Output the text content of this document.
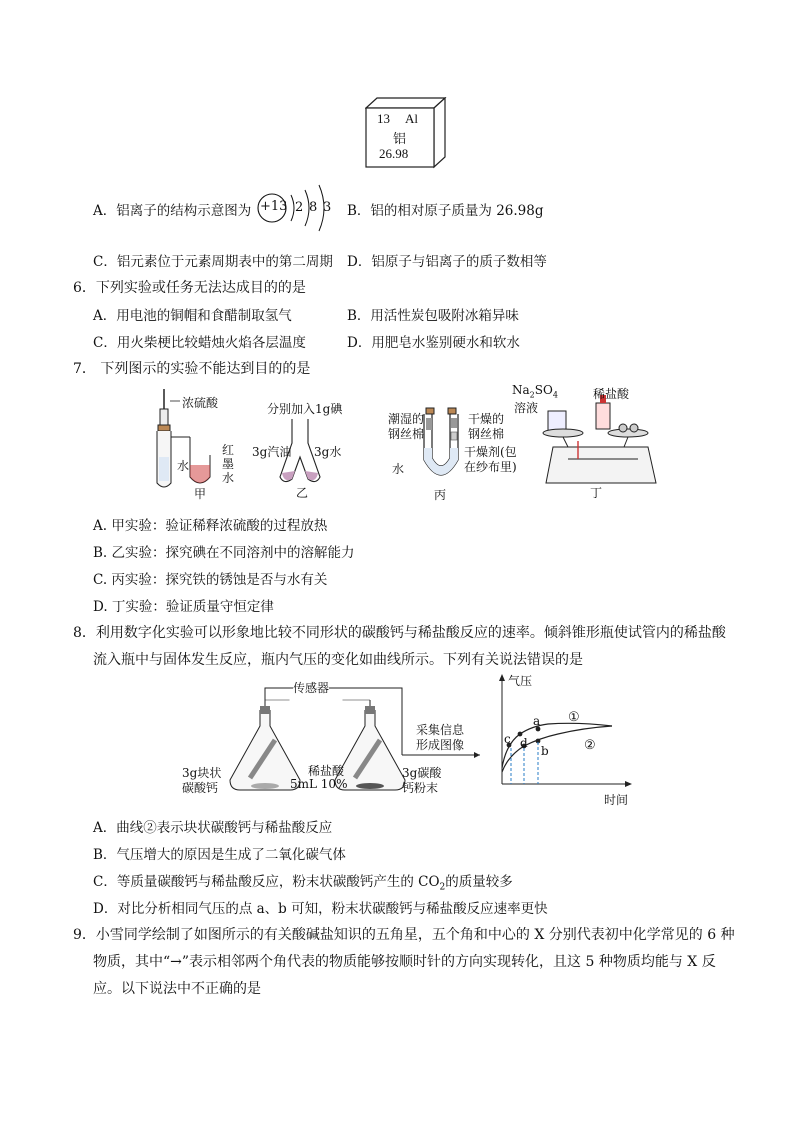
13 Al
铝
26.98
A．铝离子的结构示意图为 +13 2 8 3 B．铝的相对原子质量为 26.98g
C．铝元素位于元素周期表中的第二周期 D．铝原子与铝离子的质子数相等
6．下列实验或任务无法达成目的的是
A．用电池的铜帽和食醋制取氢气	B．用活性炭包吸附冰箱异味
C．用火柴梗比较蜡烛火焰各层温度	D．用肥皂水鉴别硬水和软水
7． 下列图示的实验不能达到目的的是
浓硫酸
水
红
墨
水
甲
分别加入1g碘
3g汽油 3g水
乙
潮湿的
钢丝棉
干燥的
钢丝棉
干燥剂(包
在纱布里)
水
丙
$Na_2SO_4$
溶液
稀盐酸
丁
A. 甲实验：验证稀释浓硫酸的过程放热
B. 乙实验：探究碘在不同溶剂中的溶解能力
C. 丙实验：探究铁的锈蚀是否与水有关
D. 丁实验：验证质量守恒定律
8．利用数字化实验可以形象地比较不同形状的碳酸钙与稀盐酸反应的速率。倾斜锥形瓶使试管内的稀盐酸
流入瓶中与固体发生反应，瓶内气压的变化如曲线所示。下列有关说法错误的是
传感器
采集信息
形成图像
3g块状
碳酸钙
稀盐酸
5mL 10%
3g碳酸
钙粉末
气压
时间
①
②
a
b
c d
A．曲线②表示块状碳酸钙与稀盐酸反应
B．气压增大的原因是生成了二氧化碳气体
C．等质量碳酸钙与稀盐酸反应，粉末状碳酸钙产生的 $CO_2$的质量较多
D．对比分析相同气压的点 a、b 可知，粉末状碳酸钙与稀盐酸反应速率更快
9．小雪同学绘制了如图所示的有关酸碱盐知识的五角星，五个角和中心的 X 分别代表初中化学常见的 6 种
物质，其中“→”表示相邻两个角代表的物质能够按顺时针的方向实现转化，且这 5 种物质均能与 X 反
应。以下说法中不正确的是
